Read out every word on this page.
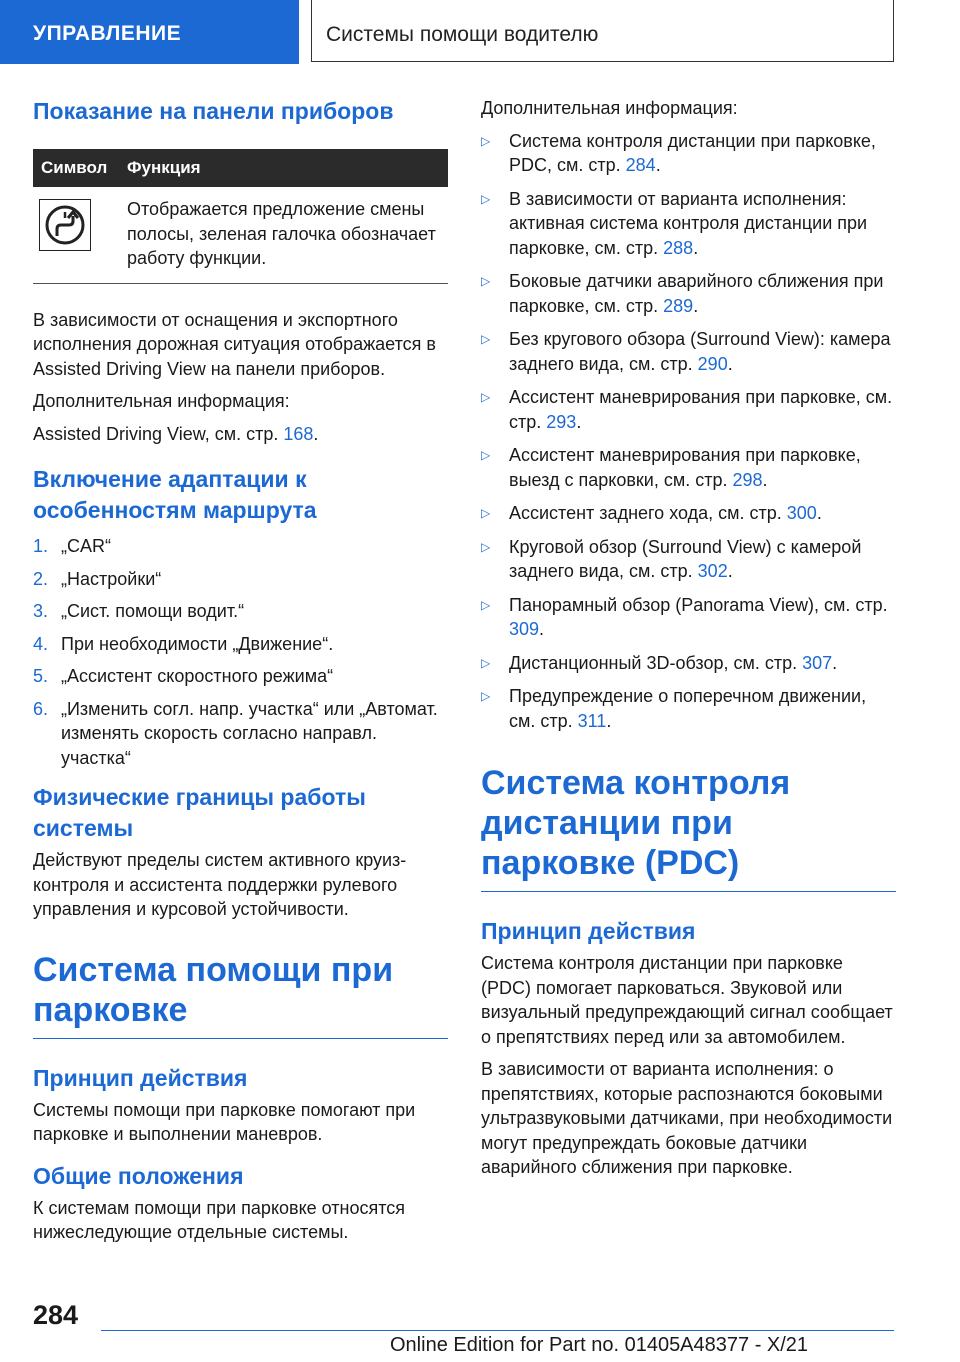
УПРАВЛЕНИЕ	Системы помощи водителю
Показание на панели приборов
Символ	Функция

	Отображается предложение смены полосы, зеленая галочка обозначает работу функции.

В зависимости от оснащения и экспортного исполнения дорожная ситуация отображается в Assisted Driving View на панели приборов.

Дополнительная информация:

Assisted Driving View, см. стр. 168.

Включение адаптации к особенностям маршрута
1. „CAR“
2. „Настройки“
3. „Сист. помощи водит.“
4. При необходимости „Движение“.
5. „Ассистент скоростного режима“
6. „Изменить согл. напр. участка“ или „Автомат. изменять скорость согласно направл. участка“
Физические границы работы системы

Действуют пределы систем активного круиз-контроля и ассистента поддержки рулевого управления и курсовой устойчивости.

Система помощи при парковке
Принцип действия

Системы помощи при парковке помогают при парковке и выполнении маневров.

Общие положения

К системам помощи при парковке относятся нижеследующие отдельные системы.

Дополнительная информация:

▷ Система контроля дистанции при парковке, PDC, см. стр. 284.
▷ В зависимости от варианта исполнения: активная система контроля дистанции при парковке, см. стр. 288.
▷ Боковые датчики аварийного сближения при парковке, см. стр. 289.
▷ Без кругового обзора (Surround View): камера заднего вида, см. стр. 290.
▷ Ассистент маневрирования при парковке, см. стр. 293.
▷ Ассистент маневрирования при парковке, выезд с парковки, см. стр. 298.
▷ Ассистент заднего хода, см. стр. 300.
▷ Круговой обзор (Surround View) с камерой заднего вида, см. стр. 302.
▷ Панорамный обзор (Panorama View), см. стр. 309.
▷ Дистанционный 3D-обзор, см. стр. 307.
▷ Предупреждение о поперечном движении, см. стр. 311.
Система контроля дистанции при парковке (PDC)
Принцип действия

Система контроля дистанции при парковке (PDC) помогает парковаться. Звуковой или визуальный предупреждающий сигнал сообщает о препятствиях перед или за автомобилем.

В зависимости от варианта исполнения: о препятствиях, которые распознаются боковыми ультразвуковыми датчиками, при необходимости могут предупреждать боковые датчики аварийного сближения при парковке.

284
Online Edition for Part no. 01405A48377 - X/21
